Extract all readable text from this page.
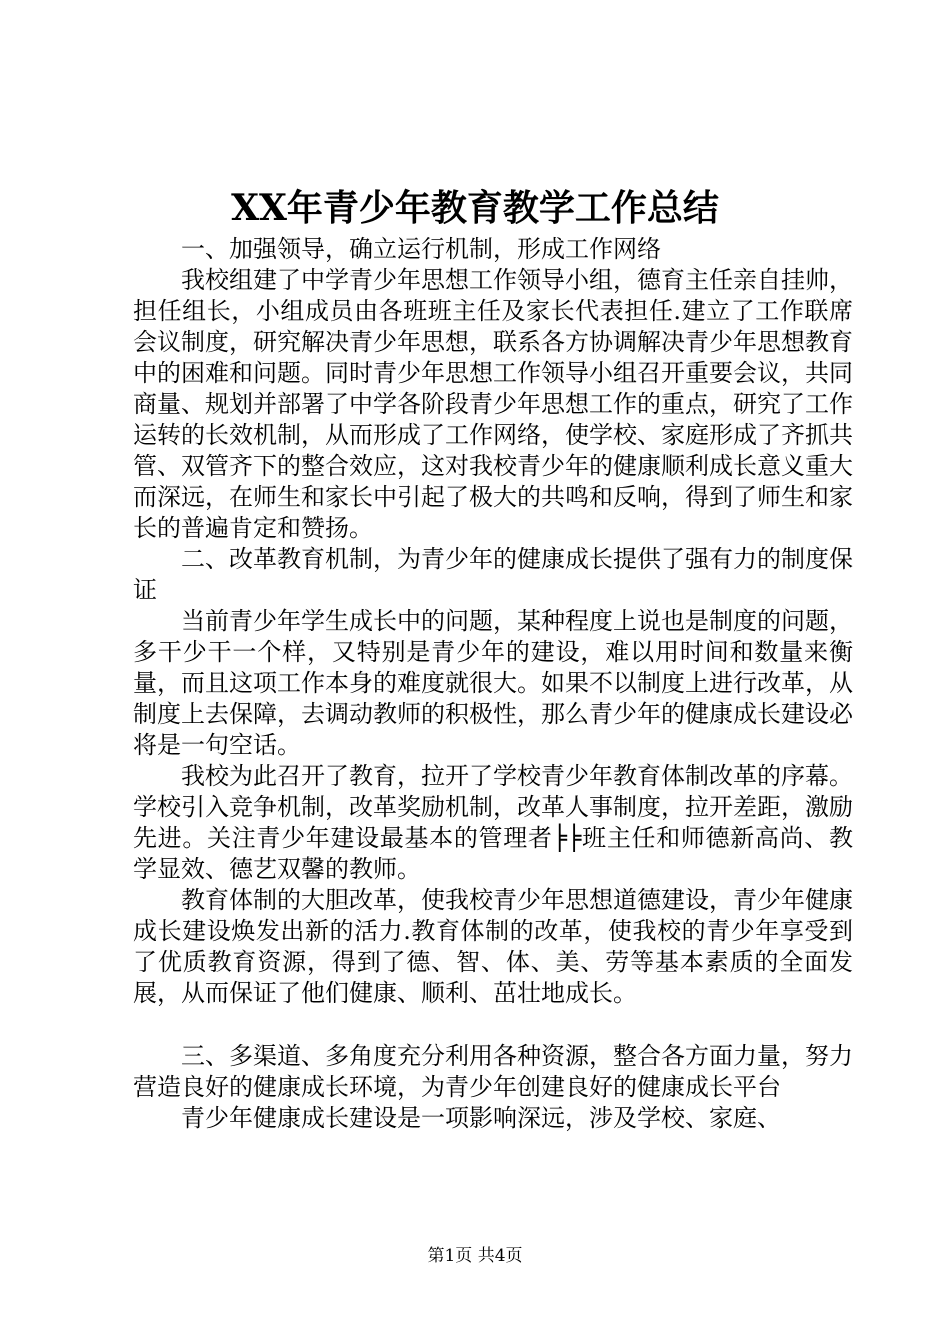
XX年青少年教育教学工作总结

一、加强领导，确立运行机制，形成工作网络

我校组建了中学青少年思想工作领导小组，德育主任亲自挂帅，担任组长，小组成员由各班班主任及家长代表担任.建立了工作联席会议制度，研究解决青少年思想，联系各方协调解决青少年思想教育中的困难和问题。同时青少年思想工作领导小组召开重要会议，共同商量、规划并部署了中学各阶段青少年思想工作的重点，研究了工作运转的长效机制，从而形成了工作网络，使学校、家庭形成了齐抓共管、双管齐下的整合效应，这对我校青少年的健康顺利成长意义重大而深远，在师生和家长中引起了极大的共鸣和反响，得到了师生和家长的普遍肯定和赞扬。

二、改革教育机制，为青少年的健康成长提供了强有力的制度保证

当前青少年学生成长中的问题，某种程度上说也是制度的问题，多干少干一个样，又特别是青少年的建设，难以用时间和数量来衡量，而且这项工作本身的难度就很大。如果不以制度上进行改革，从制度上去保障，去调动教师的积极性，那么青少年的健康成长建设必将是一句空话。

我校为此召开了教育，拉开了学校青少年教育体制改革的序幕。学校引入竞争机制，改革奖励机制，改革人事制度，拉开差距，激励先进。关注青少年建设最基本的管理者╞╞班主任和师德新高尚、教学显效、德艺双馨的教师。

教育体制的大胆改革，使我校青少年思想道德建设，青少年健康成长建设焕发出新的活力.教育体制的改革，使我校的青少年享受到了优质教育资源，得到了德、智、体、美、劳等基本素质的全面发展，从而保证了他们健康、顺利、茁壮地成长。

三、多渠道、多角度充分利用各种资源，整合各方面力量，努力营造良好的健康成长环境，为青少年创建良好的健康成长平台

青少年健康成长建设是一项影响深远，涉及学校、家庭、

第1页 共4页
